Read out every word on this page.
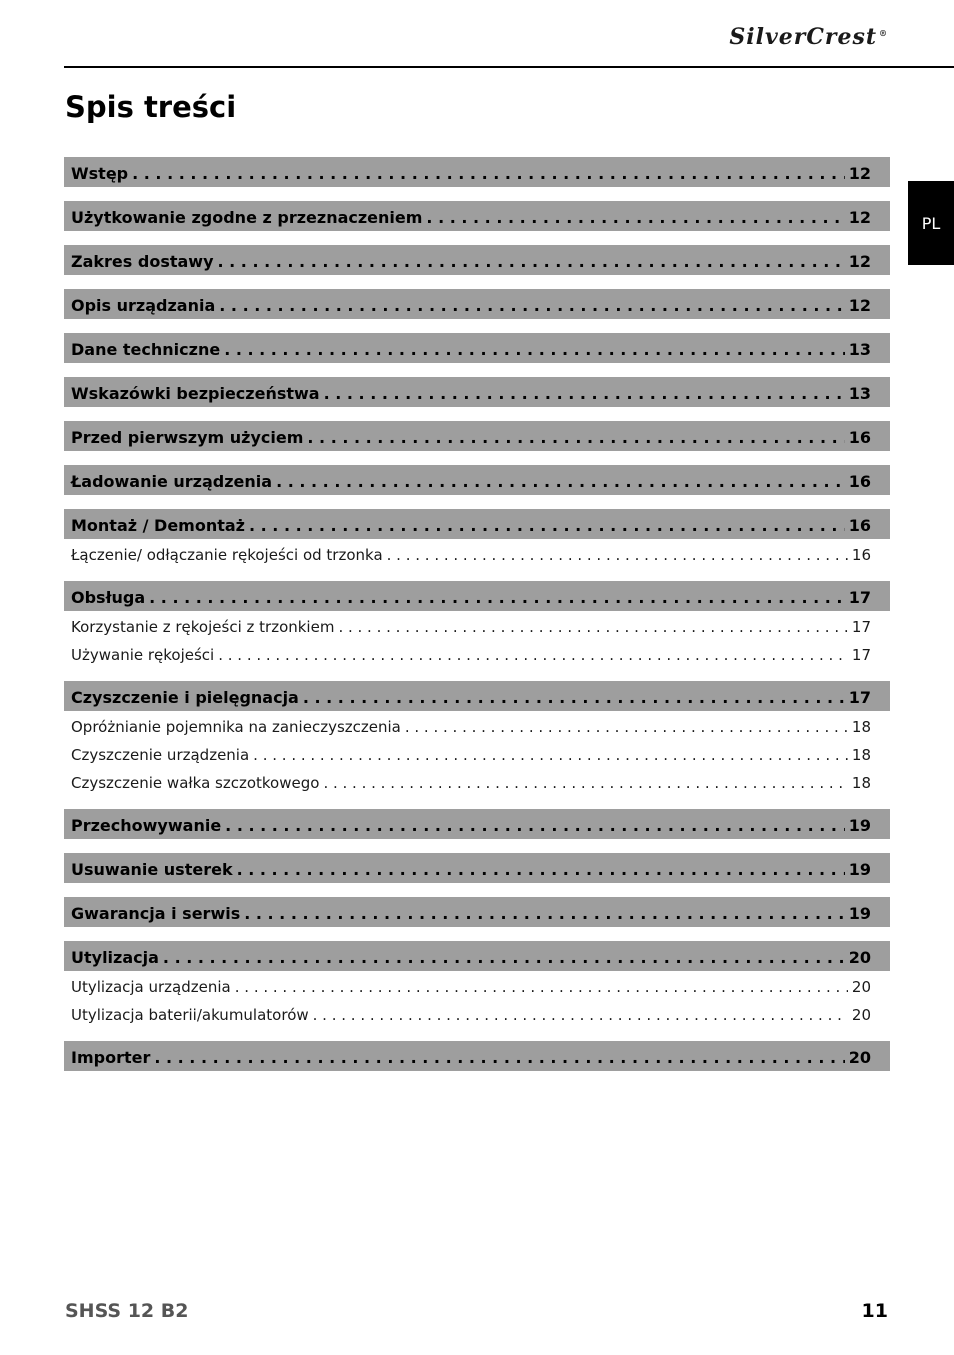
SilverCrest ®
Spis treści
PL
Wstęp . . .	12
Użytkowanie zgodne z przeznaczeniem . . .	12
Zakres dostawy . . .	12
Opis urządzania . . .	12
Dane techniczne . . .	13
Wskazówki bezpieczeństwa . . .	13
Przed pierwszym użyciem . . .	16
Ładowanie urządzenia . . .	16
Montaż / Demontaż . . .	16
Łączenie/ odłączanie rękojeści od trzonka . . .	16
Obsługa . . .	17
Korzystanie z rękojeści z trzonkiem . . .	17
Używanie rękojeści . . .	17
Czyszczenie i pielęgnacja . . .	17
Opróżnianie pojemnika na zanieczyszczenia . . .	18
Czyszczenie urządzenia . . .	18
Czyszczenie wałka szczotkowego . . .	18
Przechowywanie . . .	19
Usuwanie usterek . . .	19
Gwarancja i serwis . . .	19
Utylizacja . . .	20
Utylizacja urządzenia . . .	20
Utylizacja baterii/akumulatorów . . .	20
Importer . . .	20
SHSS 12 B2	11
